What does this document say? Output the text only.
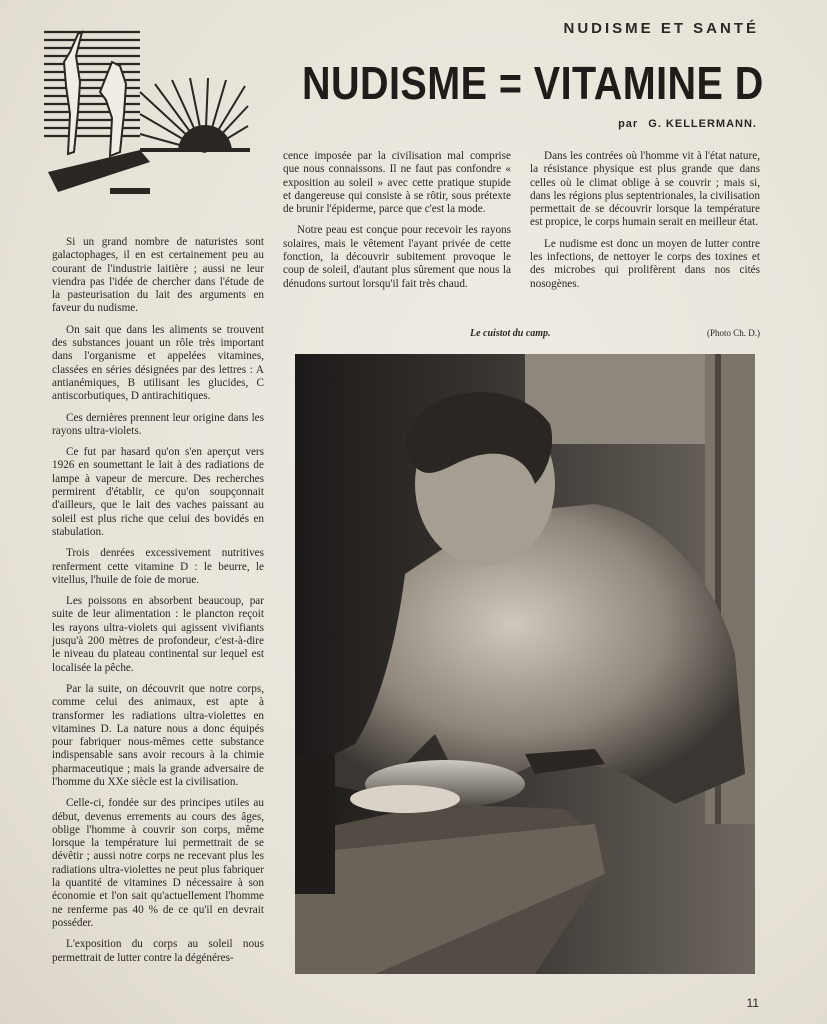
NUDISME ET SANTÉ
NUDISME = VITAMINE D
par G. KELLERMANN.

Si un grand nombre de naturistes sont galactophages, il en est certainement peu au courant de l'industrie laitière ; aussi ne leur viendra pas l'idée de chercher dans l'étude de la pasteurisation du lait des arguments en faveur du nudisme.

On sait que dans les aliments se trouvent des substances jouant un rôle très important dans l'organisme et appelées vitamines, classées en séries désignées par des lettres : A antianémiques, B utilisant les glucides, C antiscorbutiques, D antirachitiques.

Ces dernières prennent leur origine dans les rayons ultra-violets.

Ce fut par hasard qu'on s'en aperçut vers 1926 en soumettant le lait à des radiations de lampe à vapeur de mercure. Des recherches permirent d'établir, ce qu'on soupçonnait d'ailleurs, que le lait des vaches paissant au soleil est plus riche que celui des bovidés en stabulation.

Trois denrées excessivement nutritives renferment cette vitamine D : le beurre, le vitellus, l'huile de foie de morue.

Les poissons en absorbent beaucoup, par suite de leur alimentation : le plancton reçoit les rayons ultra-violets qui agissent vivifiants jusqu'à 200 mètres de profondeur, c'est-à-dire le niveau du plateau continental sur lequel est localisée la pêche.

Par la suite, on découvrit que notre corps, comme celui des animaux, est apte à transformer les radiations ultra-violettes en vitamines D. La nature nous a donc équipés pour fabriquer nous-mêmes cette substance indispensable sans avoir recours à la chimie pharmaceutique ; mais la grande adversaire de l'homme du XXe siècle est la civilisation.

Celle-ci, fondée sur des principes utiles au début, devenus errements au cours des âges, oblige l'homme à couvrir son corps, même lorsque la température lui permettrait de se dévêtir ; aussi notre corps ne recevant plus les radiations ultra-violettes ne peut plus fabriquer la quantité de vitamines D nécessaire à son économie et l'on sait qu'actuellement l'homme ne renferme pas 40 % de ce qu'il en devrait posséder.

L'exposition du corps au soleil nous permettrait de lutter contre la dégénéres-

cence imposée par la civilisation mal comprise que nous connaissons. Il ne faut pas confondre « exposition au soleil » avec cette pratique stupide et dangereuse qui consiste à se rôtir, sous prétexte de brunir l'épiderme, parce que c'est la mode.

Notre peau est conçue pour recevoir les rayons solaires, mais le vêtement l'ayant privée de cette fonction, la découvrir subitement provoque le coup de soleil, d'autant plus sûrement que nous la dénudons surtout lorsqu'il fait très chaud.

Dans les contrées où l'homme vit à l'état nature, la résistance physique est plus grande que dans celles où le climat oblige à se couvrir ; mais si, dans les régions plus septentrionales, la civilisation permettait de se découvrir lorsque la température est propice, le corps humain serait en meilleur état.

Le nudisme est donc un moyen de lutter contre les infections, de nettoyer le corps des toxines et des microbes qui prolifèrent dans nos cités nosogènes.

Le cuistot du camp.	(Photo Ch. D.)
11
